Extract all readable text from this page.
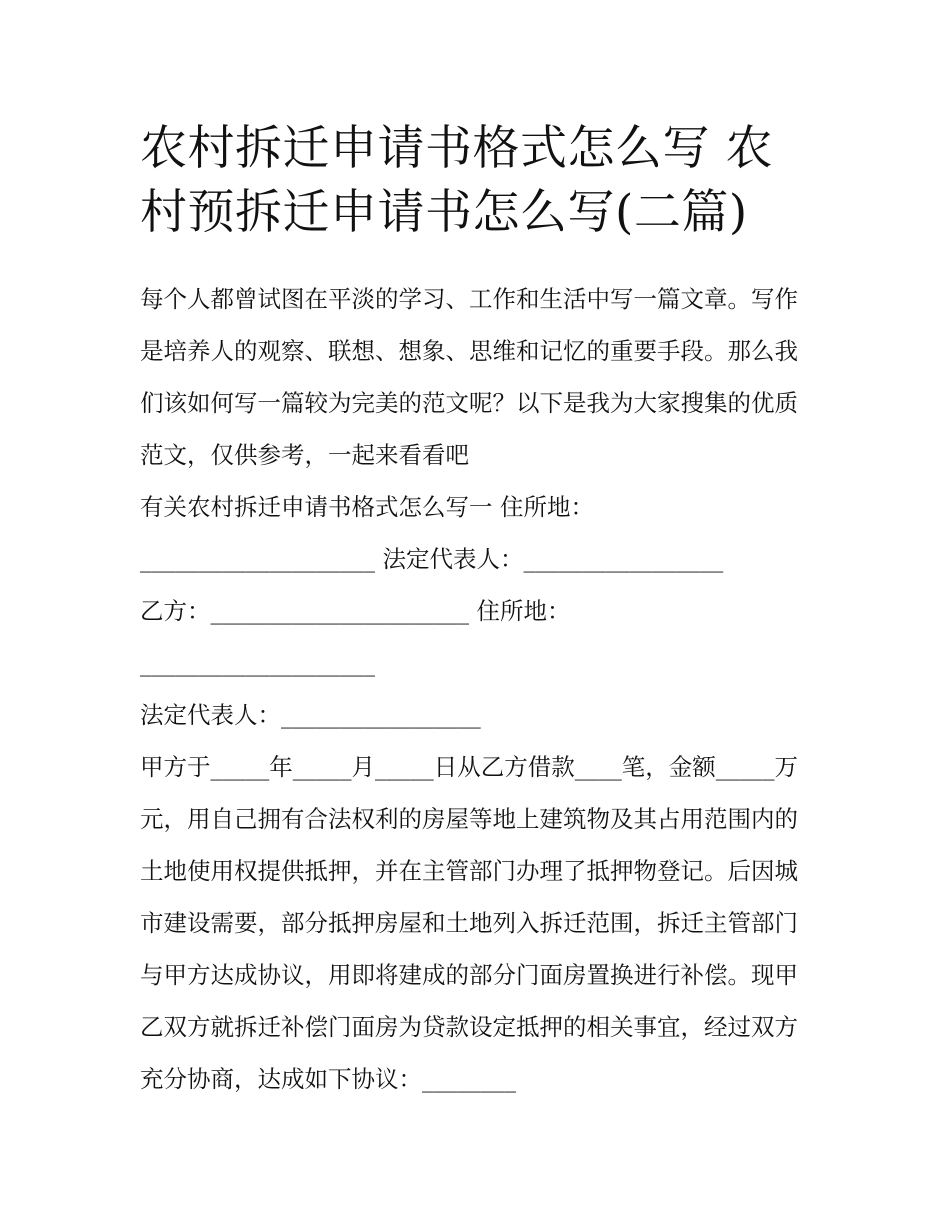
农村拆迁申请书格式怎么写 农村预拆迁申请书怎么写(二篇)

每个人都曾试图在平淡的学习、工作和生活中写一篇文章。写作是培养人的观察、联想、想象、思维和记忆的重要手段。那么我们该如何写一篇较为完美的范文呢？以下是我为大家搜集的优质范文，仅供参考，一起来看看吧

有关农村拆迁申请书格式怎么写一 住所地：

____________________ 法定代表人：_________________

乙方：______________________ 住所地：

____________________

法定代表人：_________________

甲方于_____年_____月_____日从乙方借款____笔，金额_____万元，用自己拥有合法权利的房屋等地上建筑物及其占用范围内的土地使用权提供抵押，并在主管部门办理了抵押物登记。后因城市建设需要，部分抵押房屋和土地列入拆迁范围，拆迁主管部门与甲方达成协议，用即将建成的部分门面房置换进行补偿。现甲乙双方就拆迁补偿门面房为贷款设定抵押的相关事宜，经过双方充分协商，达成如下协议：________
